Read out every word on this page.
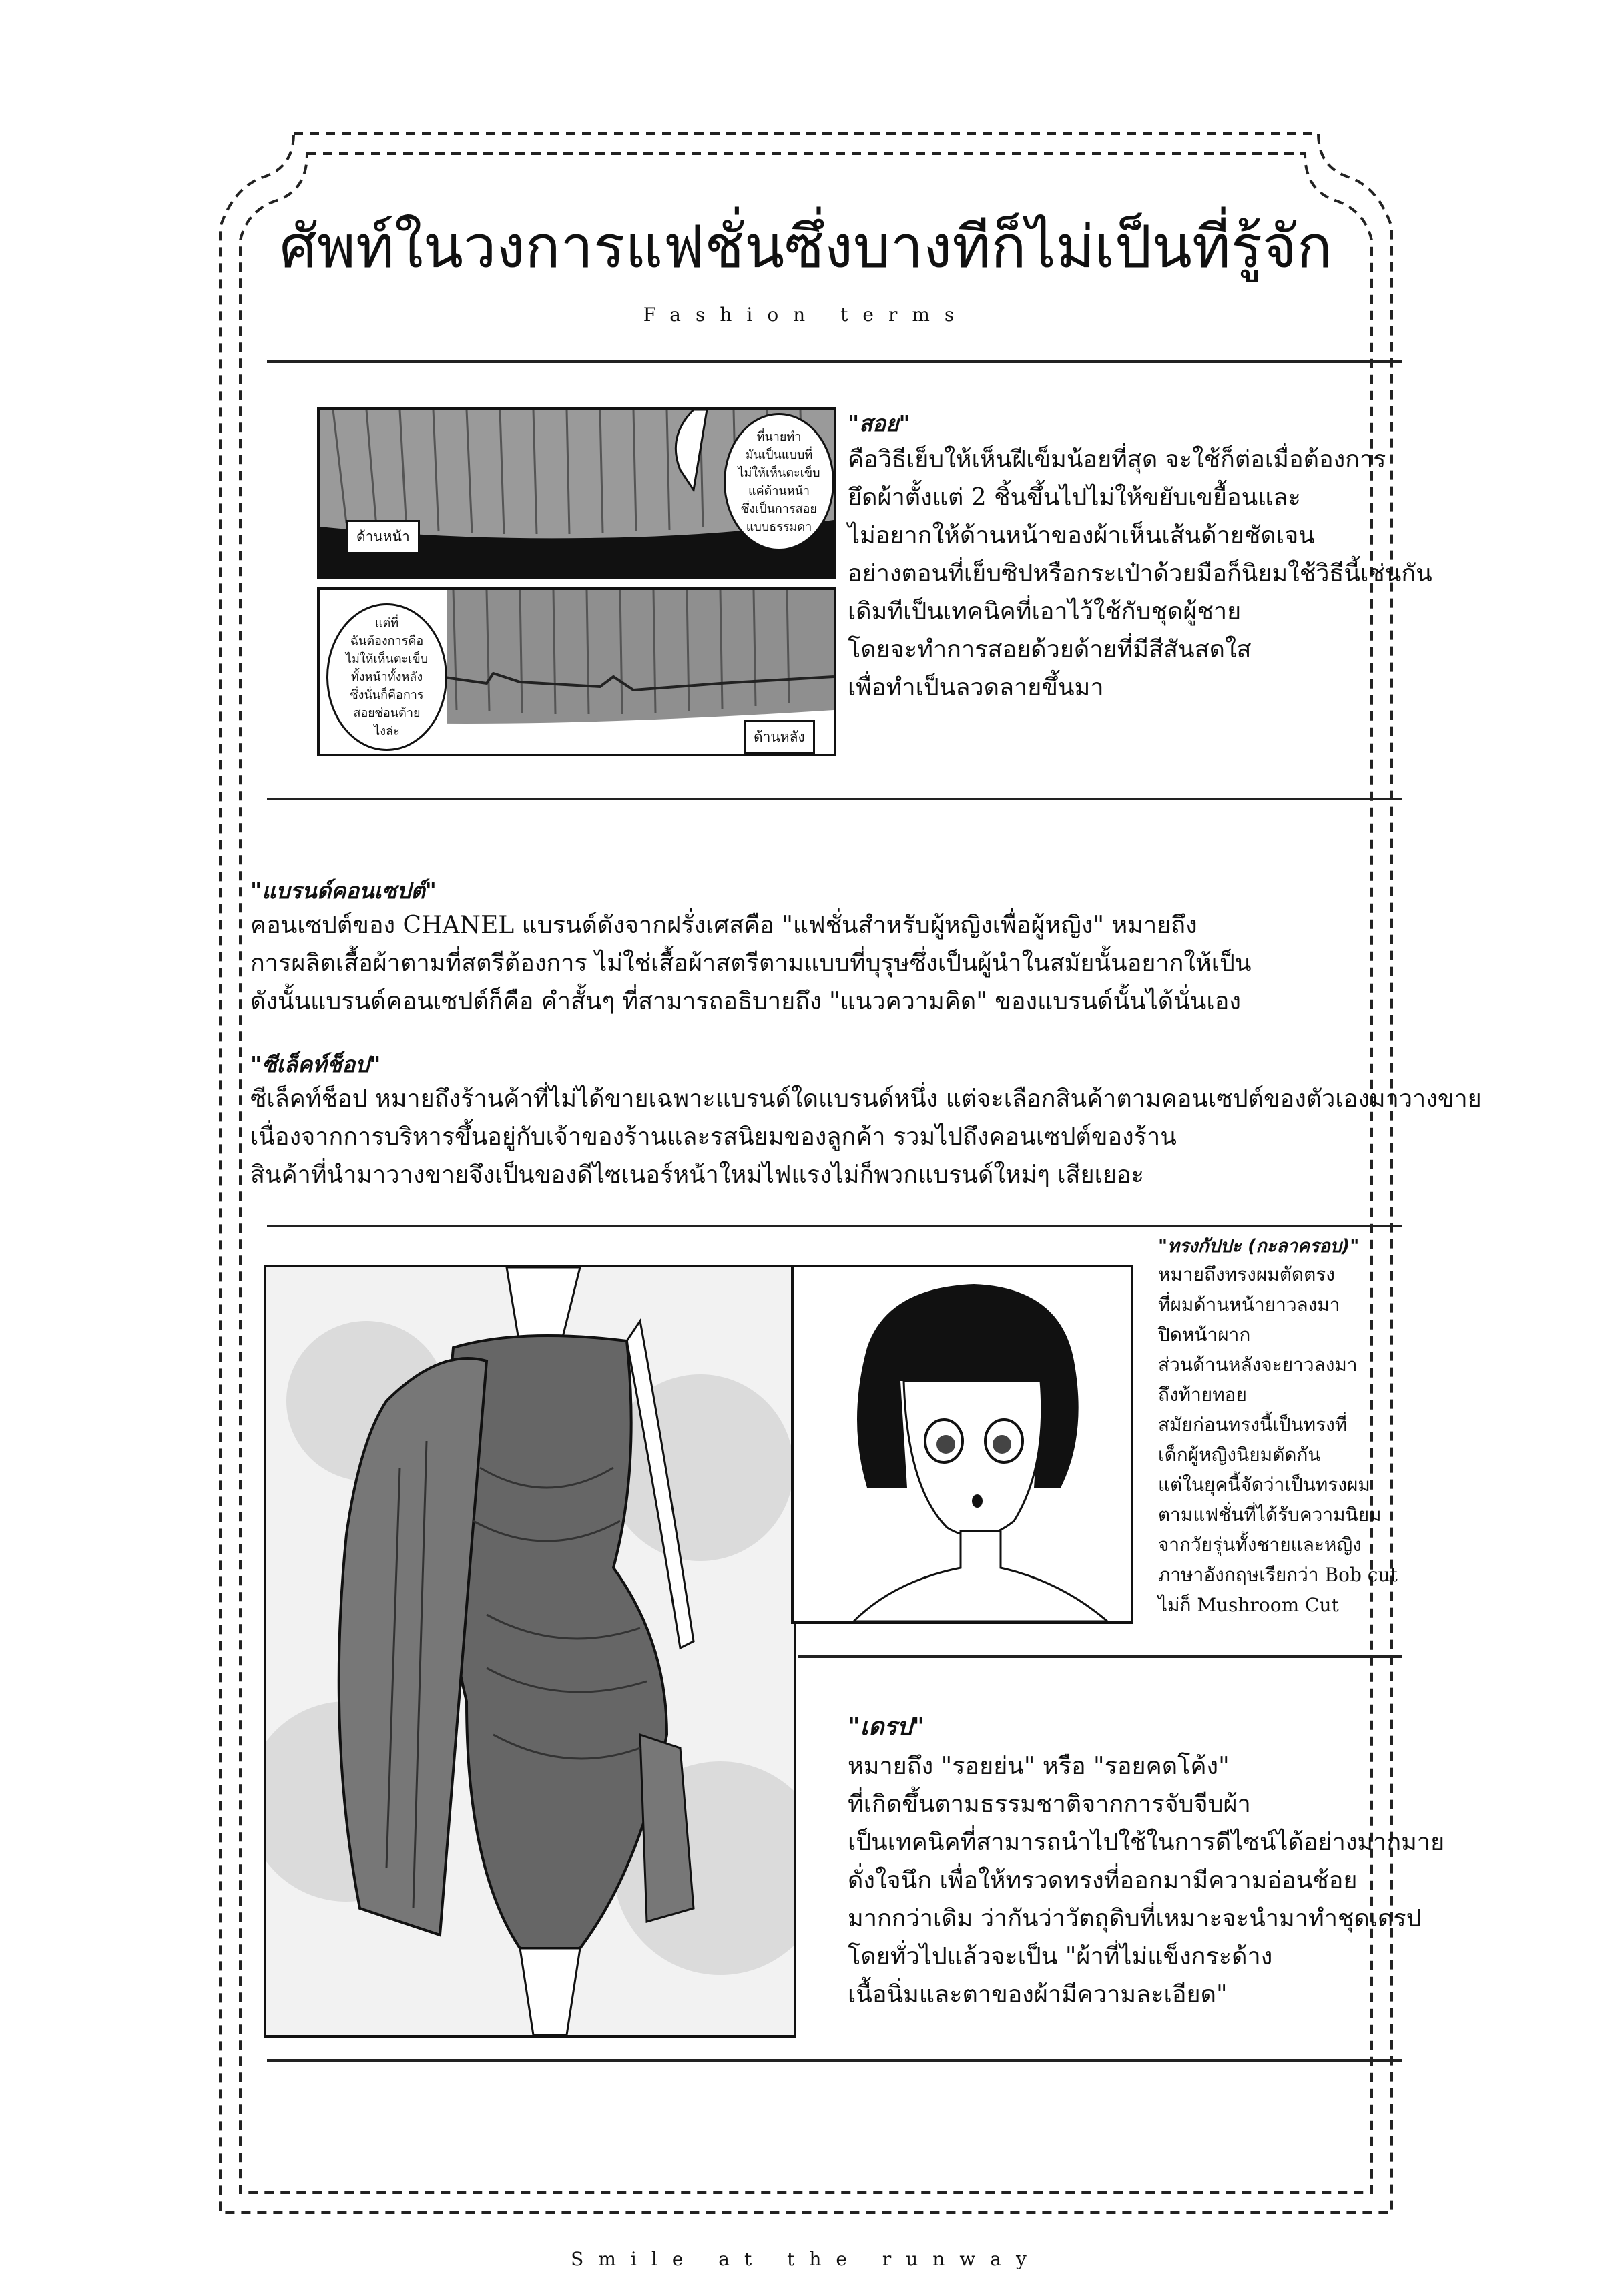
ศัพท์ในวงการแฟชั่นซึ่งบางทีก็ไม่เป็นที่รู้จัก
Fashion terms
ที่นายทำ
มันเป็นแบบที่
ไม่ให้เห็นตะเข็บ
แค่ด้านหน้า
ซึ่งเป็นการสอย
แบบธรรมดา
ด้านหน้า
แต่ที่
ฉันต้องการคือ
ไม่ให้เห็นตะเข็บ
ทั้งหน้าทั้งหลัง
ซึ่งนั่นก็คือการ
สอยซ่อนด้าย
ไงล่ะ	ด้านหลัง
"สอย"
คือวิธีเย็บให้เห็นฝีเข็มน้อยที่สุด จะใช้ก็ต่อเมื่อต้องการ
ยึดผ้าตั้งแต่ 2 ชิ้นขึ้นไปไม่ให้ขยับเขยื้อนและ
ไม่อยากให้ด้านหน้าของผ้าเห็นเส้นด้ายชัดเจน
อย่างตอนที่เย็บซิปหรือกระเป๋าด้วยมือก็นิยมใช้วิธีนี้เช่นกัน
เดิมทีเป็นเทคนิคที่เอาไว้ใช้กับชุดผู้ชาย
โดยจะทำการสอยด้วยด้ายที่มีสีสันสดใส
เพื่อทำเป็นลวดลายขึ้นมา
"แบรนด์คอนเซปต์"
คอนเซปต์ของ CHANEL แบรนด์ดังจากฝรั่งเศสคือ "แฟชั่นสำหรับผู้หญิงเพื่อผู้หญิง" หมายถึง
การผลิตเสื้อผ้าตามที่สตรีต้องการ ไม่ใช่เสื้อผ้าสตรีตามแบบที่บุรุษซึ่งเป็นผู้นำในสมัยนั้นอยากให้เป็น
ดังนั้นแบรนด์คอนเซปต์ก็คือ คำสั้นๆ ที่สามารถอธิบายถึง "แนวความคิด" ของแบรนด์นั้นได้นั่นเอง
"ซีเล็คท์ช็อป"
ซีเล็คท์ช็อป หมายถึงร้านค้าที่ไม่ได้ขายเฉพาะแบรนด์ใดแบรนด์หนึ่ง แต่จะเลือกสินค้าตามคอนเซปต์ของตัวเองมาวางขาย
เนื่องจากการบริหารขึ้นอยู่กับเจ้าของร้านและรสนิยมของลูกค้า รวมไปถึงคอนเซปต์ของร้าน
สินค้าที่นำมาวางขายจึงเป็นของดีไซเนอร์หน้าใหม่ไฟแรงไม่ก็พวกแบรนด์ใหม่ๆ เสียเยอะ
"ทรงกัปปะ (กะลาครอบ)"
หมายถึงทรงผมตัดตรง
ที่ผมด้านหน้ายาวลงมา
ปิดหน้าผาก
ส่วนด้านหลังจะยาวลงมา
ถึงท้ายทอย
สมัยก่อนทรงนี้เป็นทรงที่
เด็กผู้หญิงนิยมตัดกัน
แต่ในยุคนี้จัดว่าเป็นทรงผม
ตามแฟชั่นที่ได้รับความนิยม
จากวัยรุ่นทั้งชายและหญิง
ภาษาอังกฤษเรียกว่า Bob cut
ไม่ก็ Mushroom Cut
"เดรป"
หมายถึง "รอยย่น" หรือ "รอยคดโค้ง"
ที่เกิดขึ้นตามธรรมชาติจากการจับจีบผ้า
เป็นเทคนิคที่สามารถนำไปใช้ในการดีไซน์ได้อย่างมากมาย
ดั่งใจนึก เพื่อให้ทรวดทรงที่ออกมามีความอ่อนช้อย
มากกว่าเดิม ว่ากันว่าวัตถุดิบที่เหมาะจะนำมาทำชุดเดรป
โดยทั่วไปแล้วจะเป็น "ผ้าที่ไม่แข็งกระด้าง
เนื้อนิ่มและตาของผ้ามีความละเอียด"
Smile at the runway
